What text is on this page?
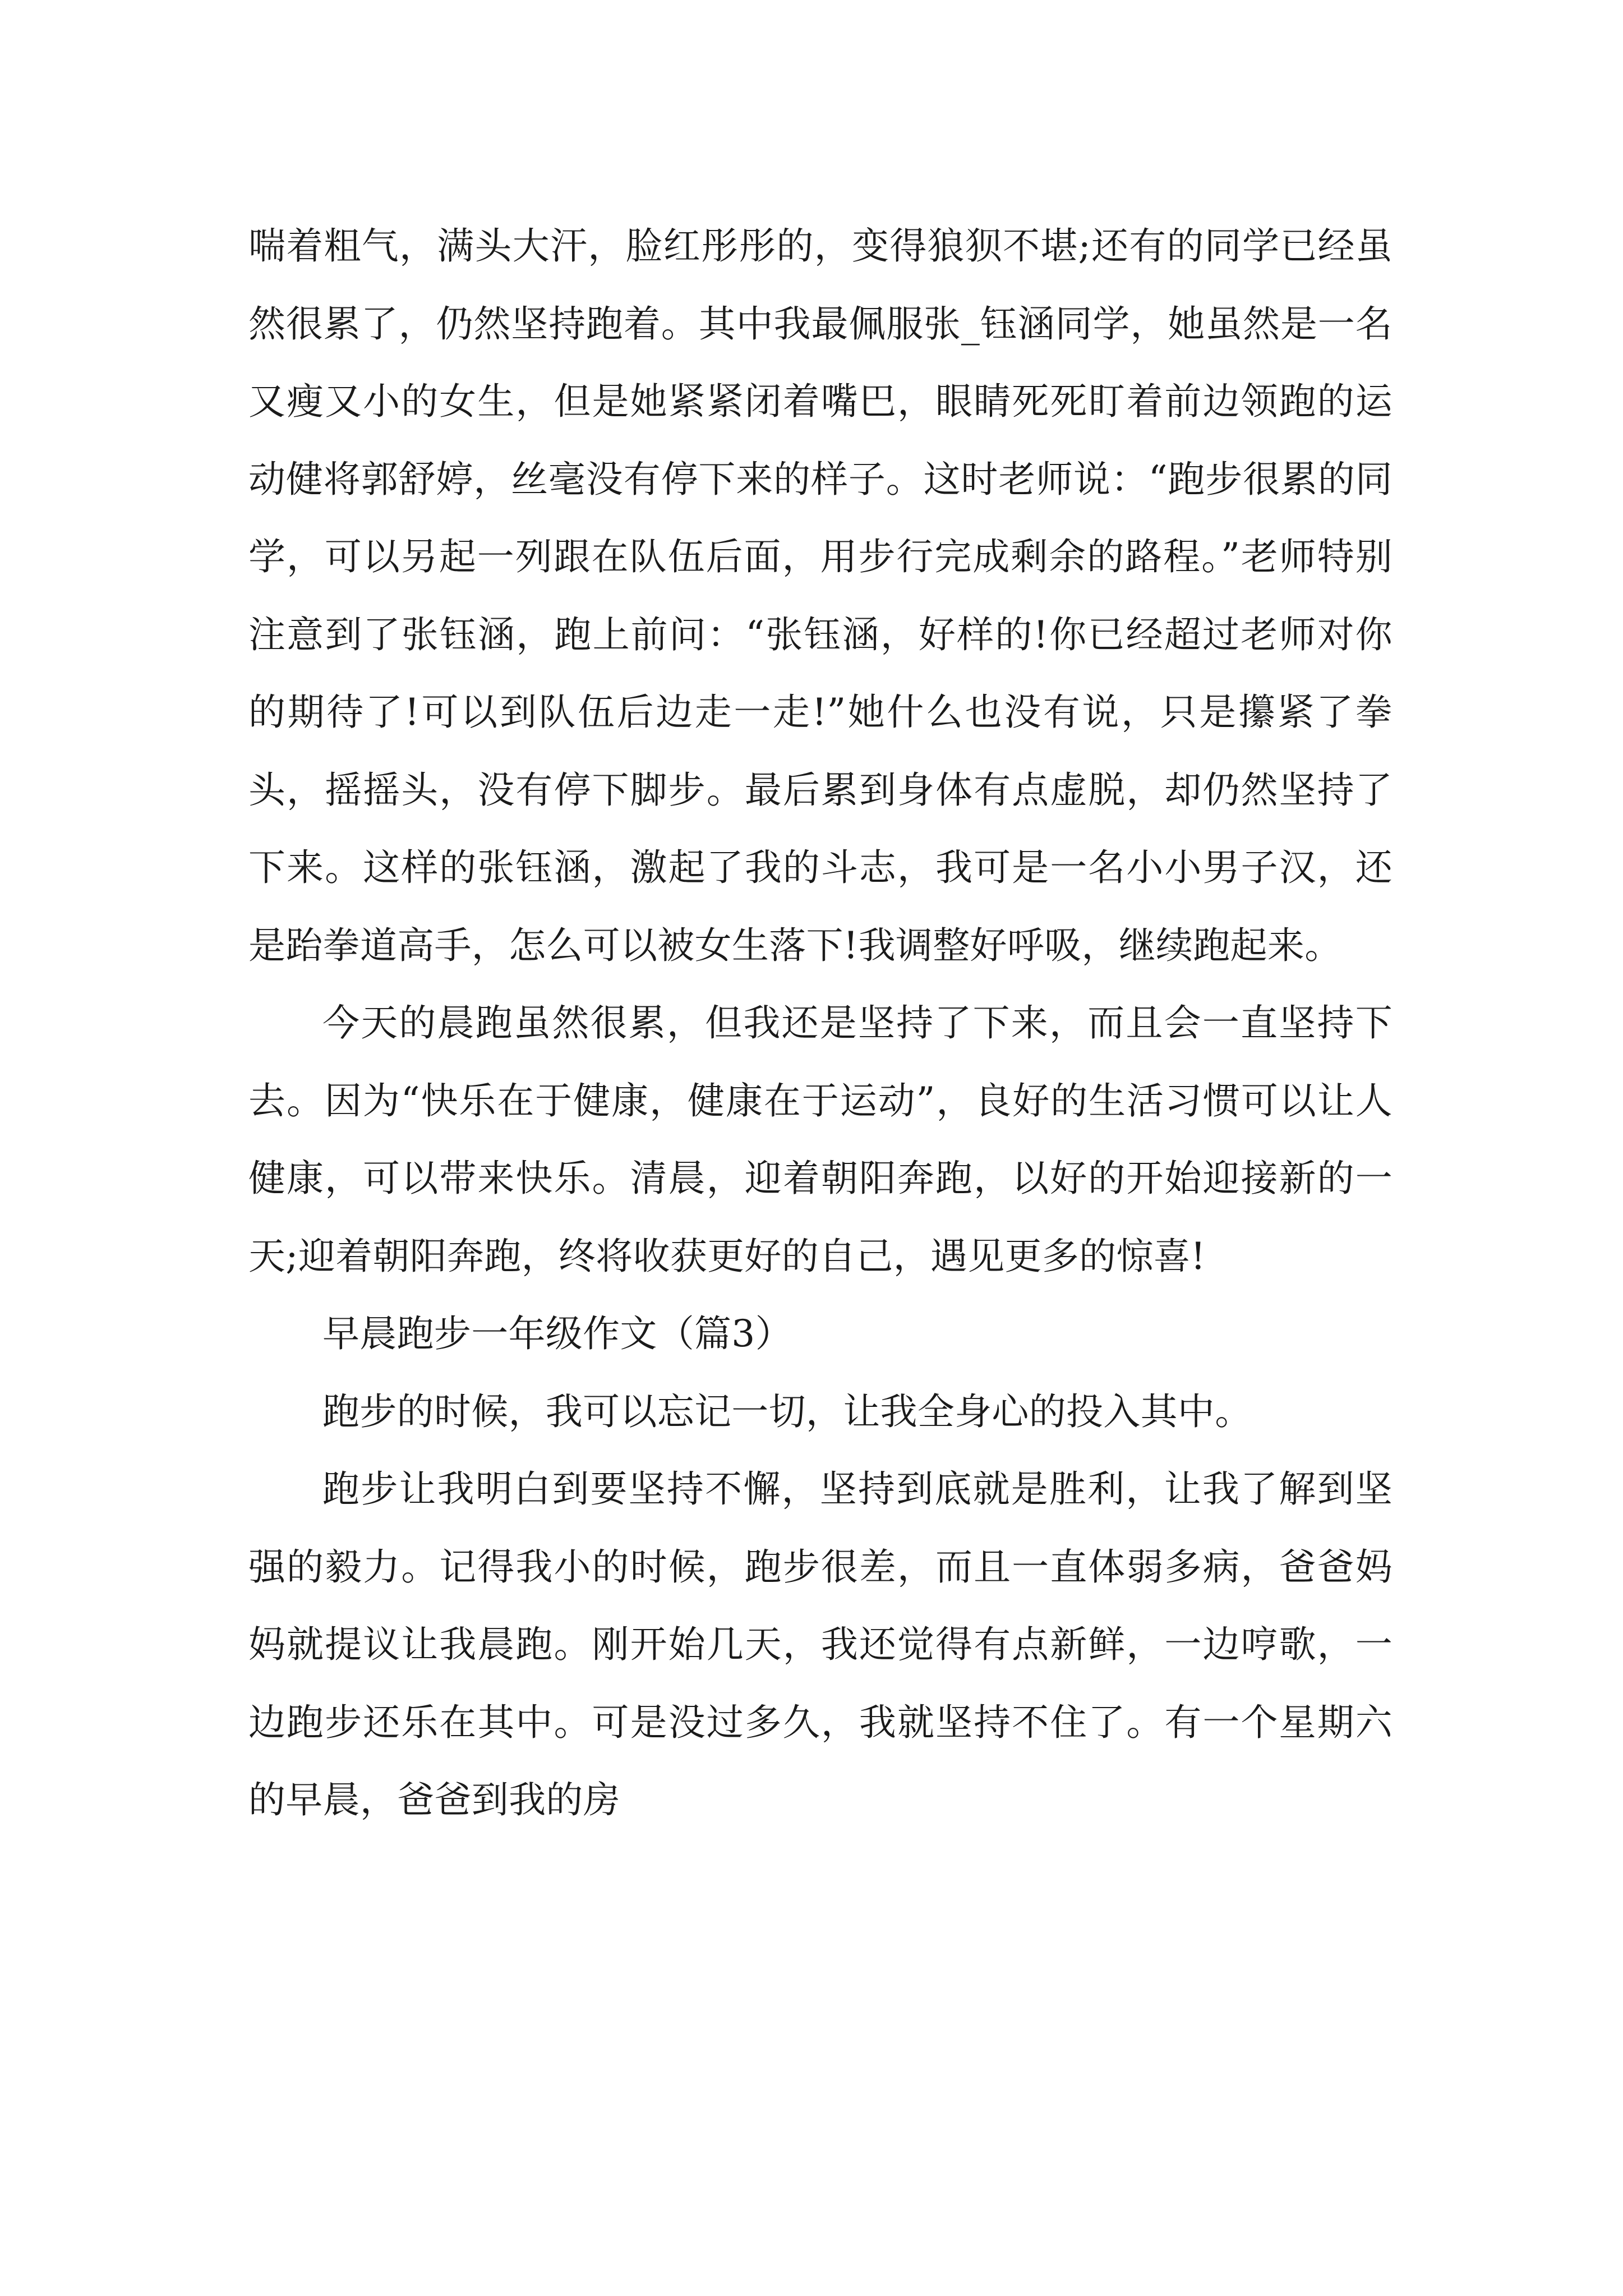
喘着粗气，满头大汗，脸红彤彤的，变得狼狈不堪;还有的同学已经虽然很累了，仍然坚持跑着。其中我最佩服张_钰涵同学，她虽然是一名又瘦又小的女生，但是她紧紧闭着嘴巴，眼睛死死盯着前边领跑的运动健将郭舒婷，丝毫没有停下来的样子。这时老师说：“跑步很累的同学，可以另起一列跟在队伍后面，用步行完成剩余的路程。”老师特别注意到了张钰涵，跑上前问：“张钰涵，好样的!你已经超过老师对你的期待了!可以到队伍后边走一走!”她什么也没有说，只是攥紧了拳头，摇摇头，没有停下脚步。最后累到身体有点虚脱，却仍然坚持了下来。这样的张钰涵，激起了我的斗志，我可是一名小小男子汉，还是跆拳道高手，怎么可以被女生落下!我调整好呼吸，继续跑起来。

今天的晨跑虽然很累，但我还是坚持了下来，而且会一直坚持下去。因为“快乐在于健康，健康在于运动”，良好的生活习惯可以让人健康，可以带来快乐。清晨，迎着朝阳奔跑，以好的开始迎接新的一天;迎着朝阳奔跑，终将收获更好的自己，遇见更多的惊喜!

早晨跑步一年级作文（篇3）

跑步的时候，我可以忘记一切，让我全身心的投入其中。

跑步让我明白到要坚持不懈，坚持到底就是胜利，让我了解到坚强的毅力。记得我小的时候，跑步很差，而且一直体弱多病，爸爸妈妈就提议让我晨跑。刚开始几天，我还觉得有点新鲜，一边哼歌，一边跑步还乐在其中。可是没过多久，我就坚持不住了。有一个星期六的早晨，爸爸到我的房
